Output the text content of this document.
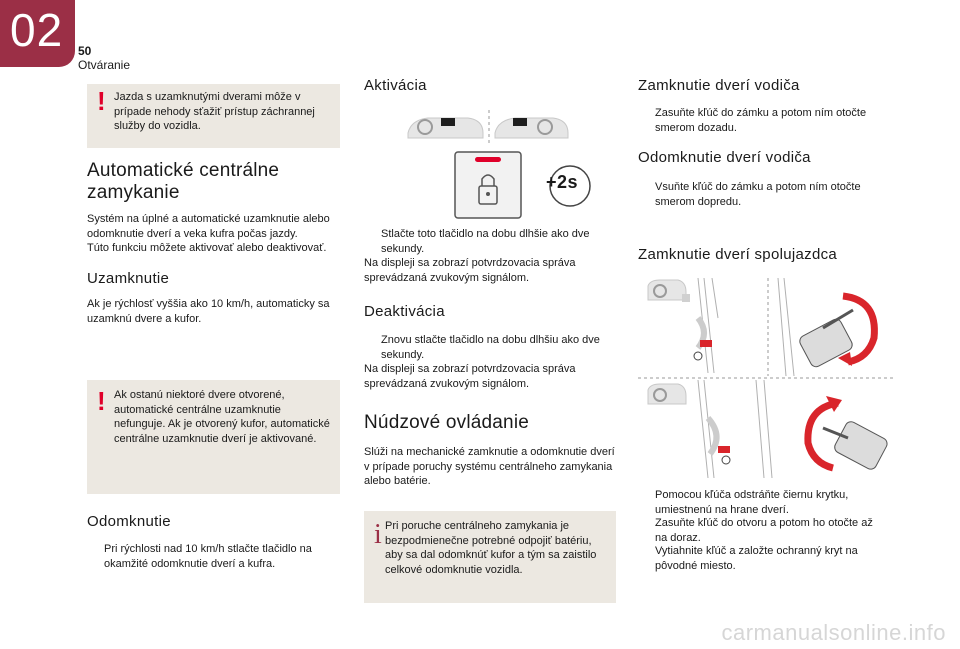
02 50
Otváranie
! Jazda s uzamknutými dverami môže v prípade nehody sťažiť prístup záchrannej služby do vozidla.
Automatické centrálne zamykanie
Systém na úplné a automatické uzamknutie alebo odomknutie dverí a veka kufra počas jazdy.
Túto funkciu môžete aktivovať alebo deaktivovať.
Uzamknutie
Ak je rýchlosť vyššia ako 10 km/h, automaticky sa uzamknú dvere a kufor.
! Ak ostanú niektoré dvere otvorené, automatické centrálne uzamknutie nefunguje. Ak je otvorený kufor, automatické centrálne uzamknutie dverí je aktivované.
Odomknutie
Pri rýchlosti nad 10 km/h stlačte tlačidlo na okamžité odomknutie dverí a kufra.
Aktivácia
+2s
Stlačte toto tlačidlo na dobu dlhšie ako dve sekundy.
Na displeji sa zobrazí potvrdzovacia správa sprevádzaná zvukovým signálom.
Deaktivácia
Znovu stlačte tlačidlo na dobu dlhšiu ako dve sekundy.
Na displeji sa zobrazí potvrdzovacia správa sprevádzaná zvukovým signálom.
Núdzové ovládanie
Slúži na mechanické zamknutie a odomknutie dverí v prípade poruchy systému centrálneho zamykania alebo batérie.
i Pri poruche centrálneho zamykania je bezpodmienečne potrebné odpojiť batériu, aby sa dal odomknúť kufor a tým sa zaistilo celkové odomknutie vozidla.
Zamknutie dverí vodiča
Zasuňte kľúč do zámku a potom ním otočte smerom dozadu.
Odomknutie dverí vodiča
Vsuňte kľúč do zámku a potom ním otočte smerom dopredu.
Zamknutie dverí spolujazdca
Pomocou kľúča odstráňte čiernu krytku, umiestnenú na hrane dverí.
Zasuňte kľúč do otvoru a potom ho otočte až na doraz.
Vytiahnite kľúč a založte ochranný kryt na pôvodné miesto.
carmanualsonline.info
